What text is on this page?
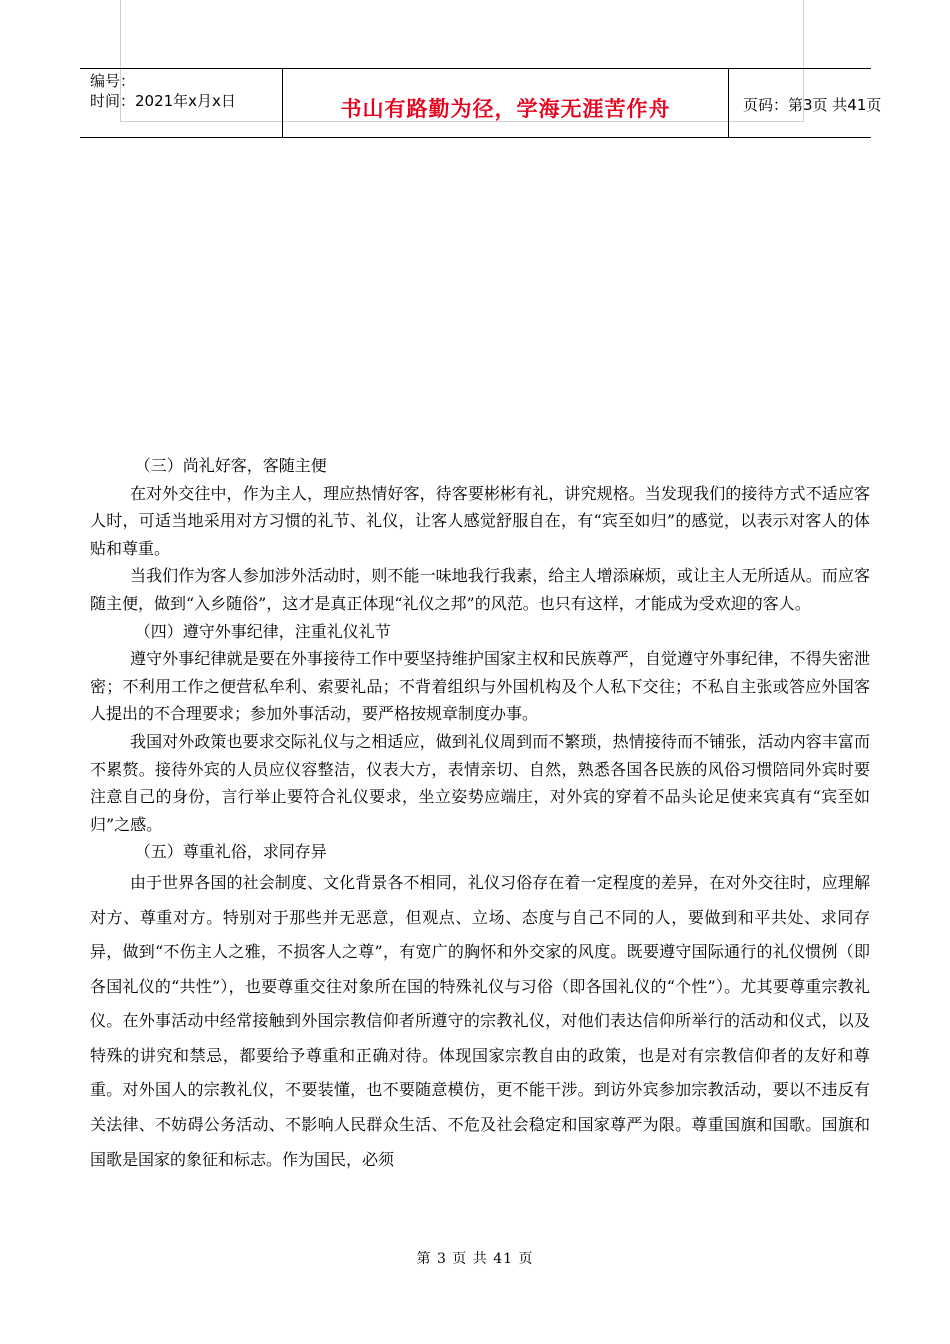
编号：
时间：2021年x月x日	书山有路勤为径，学海无涯苦作舟	页码：第3页 共41页

（三）尚礼好客，客随主便

在对外交往中，作为主人，理应热情好客，待客要彬彬有礼，讲究规格。当发现我们的接待方式不适应客人时，可适当地采用对方习惯的礼节、礼仪，让客人感觉舒服自在，有“宾至如归”的感觉，以表示对客人的体贴和尊重。

当我们作为客人参加涉外活动时，则不能一味地我行我素，给主人增添麻烦，或让主人无所适从。而应客随主便，做到“入乡随俗”，这才是真正体现“礼仪之邦”的风范。也只有这样，才能成为受欢迎的客人。

（四）遵守外事纪律，注重礼仪礼节

遵守外事纪律就是要在外事接待工作中要坚持维护国家主权和民族尊严，自觉遵守外事纪律，不得失密泄密；不利用工作之便营私牟利、索要礼品；不背着组织与外国机构及个人私下交往；不私自主张或答应外国客人提出的不合理要求；参加外事活动，要严格按规章制度办事。

我国对外政策也要求交际礼仪与之相适应，做到礼仪周到而不繁琐，热情接待而不铺张，活动内容丰富而不累赘。接待外宾的人员应仪容整洁，仪表大方，表情亲切、自然，熟悉各国各民族的风俗习惯陪同外宾时要注意自己的身份，言行举止要符合礼仪要求，坐立姿势应端庄，对外宾的穿着不品头论足使来宾真有“宾至如归”之感。

（五）尊重礼俗，求同存异

由于世界各国的社会制度、文化背景各不相同，礼仪习俗存在着一定程度的差异，在对外交往时，应理解对方、尊重对方。特别对于那些并无恶意，但观点、立场、态度与自己不同的人，要做到和平共处、求同存异，做到“不伤主人之雅，不损客人之尊”，有宽广的胸怀和外交家的风度。既要遵守国际通行的礼仪惯例（即各国礼仪的“共性”），也要尊重交往对象所在国的特殊礼仪与习俗（即各国礼仪的“个性”）。尤其要尊重宗教礼仪。在外事活动中经常接触到外国宗教信仰者所遵守的宗教礼仪，对他们表达信仰所举行的活动和仪式，以及特殊的讲究和禁忌，都要给予尊重和正确对待。体现国家宗教自由的政策，也是对有宗教信仰者的友好和尊重。对外国人的宗教礼仪，不要装懂，也不要随意模仿，更不能干涉。到访外宾参加宗教活动，要以不违反有关法律、不妨碍公务活动、不影响人民群众生活、不危及社会稳定和国家尊严为限。尊重国旗和国歌。国旗和国歌是国家的象征和标志。作为国民，必须

第 3 页 共 41 页
